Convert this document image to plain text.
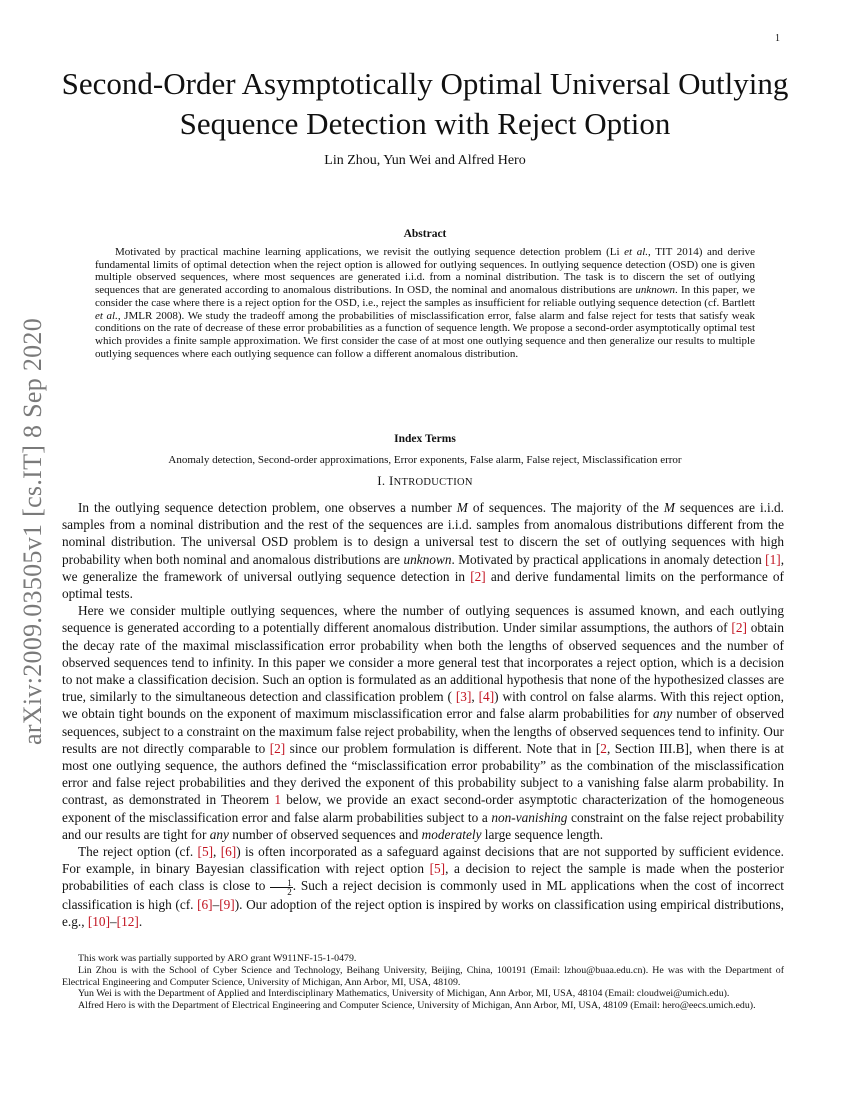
1
arXiv:2009.03505v1 [cs.IT] 8 Sep 2020
Second-Order Asymptotically Optimal Universal Outlying Sequence Detection with Reject Option
Lin Zhou, Yun Wei and Alfred Hero
Abstract

Motivated by practical machine learning applications, we revisit the outlying sequence detection problem (Li et al., TIT 2014) and derive fundamental limits of optimal detection when the reject option is allowed for outlying sequences. In outlying sequence detection (OSD) one is given multiple observed sequences, where most sequences are generated i.i.d. from a nominal distribution. The task is to discern the set of outlying sequences that are generated according to anomalous distributions. In OSD, the nominal and anomalous distributions are unknown. In this paper, we consider the case where there is a reject option for the OSD, i.e., reject the samples as insufficient for reliable outlying sequence detection (cf. Bartlett et al., JMLR 2008). We study the tradeoff among the probabilities of misclassification error, false alarm and false reject for tests that satisfy weak conditions on the rate of decrease of these error probabilities as a function of sequence length. We propose a second-order asymptotically optimal test which provides a finite sample approximation. We first consider the case of at most one outlying sequence and then generalize our results to multiple outlying sequences where each outlying sequence can follow a different anomalous distribution.

Index Terms
Anomaly detection, Second-order approximations, Error exponents, False alarm, False reject, Misclassification error
I. INTRODUCTION

In the outlying sequence detection problem, one observes a number M of sequences. The majority of the M sequences are i.i.d. samples from a nominal distribution and the rest of the sequences are i.i.d. samples from anomalous distributions different from the nominal distribution. The universal OSD problem is to design a universal test to discern the set of outlying sequences with high probability when both nominal and anomalous distributions are unknown. Motivated by practical applications in anomaly detection [1], we generalize the framework of universal outlying sequence detection in [2] and derive fundamental limits on the performance of optimal tests.

Here we consider multiple outlying sequences, where the number of outlying sequences is assumed known, and each outlying sequence is generated according to a potentially different anomalous distribution. Under similar assumptions, the authors of [2] obtain the decay rate of the maximal misclassification error probability when both the lengths of observed sequences and the number of observed sequences tend to infinity. In this paper we consider a more general test that incorporates a reject option, which is a decision to not make a classification decision. Such an option is formulated as an additional hypothesis that none of the hypothesized classes are true, similarly to the simultaneous detection and classification problem ( [3], [4]) with control on false alarms. With this reject option, we obtain tight bounds on the exponent of maximum misclassification error and false alarm probabilities for any number of observed sequences, subject to a constraint on the maximum false reject probability, when the lengths of observed sequences tend to infinity. Our results are not directly comparable to [2] since our problem formulation is different. Note that in [2, Section III.B], when there is at most one outlying sequence, the authors defined the “misclassification error probability” as the combination of the misclassification error and false reject probabilities and they derived the exponent of this probability subject to a vanishing false alarm probability. In contrast, as demonstrated in Theorem 1 below, we provide an exact second-order asymptotic characterization of the homogeneous exponent of the misclassification error and false alarm probabilities subject to a non-vanishing constraint on the false reject probability and our results are tight for any number of observed sequences and moderately large sequence length.

The reject option (cf. [5], [6]) is often incorporated as a safeguard against decisions that are not supported by sufficient evidence. For example, in binary Bayesian classification with reject option [5], a decision to reject the sample is made when the posterior probabilities of each class is close to $\frac{1}{2}$ . Such a reject decision is commonly used in ML applications when the cost of incorrect classification is high (cf. [6]–[9]). Our adoption of the reject option is inspired by works on classification using empirical distributions, e.g., [10]–[12].

This work was partially supported by ARO grant W911NF-15-1-0479.

Lin Zhou is with the School of Cyber Science and Technology, Beihang University, Beijing, China, 100191 (Email: lzhou@buaa.edu.cn). He was with the Department of Electrical Engineering and Computer Science, University of Michigan, Ann Arbor, MI, USA, 48109.

Yun Wei is with the Department of Applied and Interdisciplinary Mathematics, University of Michigan, Ann Arbor, MI, USA, 48104 (Email: cloudwei@umich.edu).

Alfred Hero is with the Department of Electrical Engineering and Computer Science, University of Michigan, Ann Arbor, MI, USA, 48109 (Email: hero@eecs.umich.edu).
